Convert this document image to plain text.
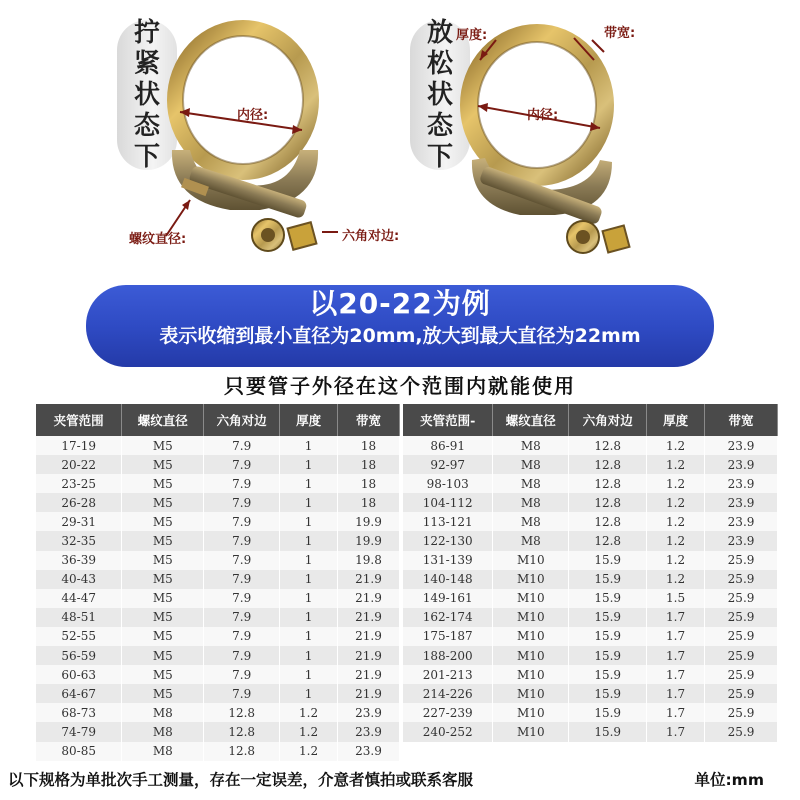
拧
紧
状
态
下
放
松
状
态
下
内径:
螺纹直径:	六角对边:
厚度:	带宽:
内径:
以20-22为例
表示收缩到最小直径为20mm,放大到最大直径为22mm
只要管子外径在这个范围内就能使用
夹管范围	螺纹直径	六角对边	厚度	带宽
17-19	M5	7.9	1	18
20-22	M5	7.9	1	18
23-25	M5	7.9	1	18
26-28	M5	7.9	1	18
29-31	M5	7.9	1	19.9
32-35	M5	7.9	1	19.9
36-39	M5	7.9	1	19.8
40-43	M5	7.9	1	21.9
44-47	M5	7.9	1	21.9
48-51	M5	7.9	1	21.9
52-55	M5	7.9	1	21.9
56-59	M5	7.9	1	21.9
60-63	M5	7.9	1	21.9
64-67	M5	7.9	1	21.9
68-73	M8	12.8	1.2	23.9
74-79	M8	12.8	1.2	23.9
80-85	M8	12.8	1.2	23.9
夹管范围-	螺纹直径	六角对边	厚度	带宽
86-91	M8	12.8	1.2	23.9
92-97	M8	12.8	1.2	23.9
98-103	M8	12.8	1.2	23.9
104-112	M8	12.8	1.2	23.9
113-121	M8	12.8	1.2	23.9
122-130	M8	12.8	1.2	23.9
131-139	M10	15.9	1.2	25.9
140-148	M10	15.9	1.2	25.9
149-161	M10	15.9	1.5	25.9
162-174	M10	15.9	1.7	25.9
175-187	M10	15.9	1.7	25.9
188-200	M10	15.9	1.7	25.9
201-213	M10	15.9	1.7	25.9
214-226	M10	15.9	1.7	25.9
227-239	M10	15.9	1.7	25.9
240-252	M10	15.9	1.7	25.9
以下规格为单批次手工测量，存在一定误差，介意者慎拍或联系客服	单位:mm
